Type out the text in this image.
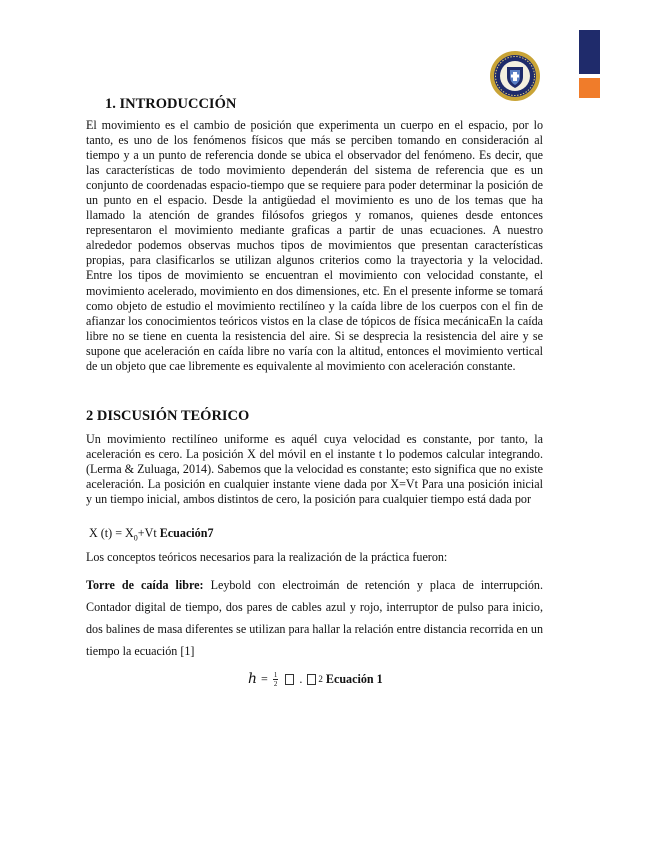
1. INTRODUCCIÓN

El movimiento es el cambio de posición que experimenta un cuerpo en el espacio, por lo tanto, es uno de los fenómenos físicos que más se perciben tomando en consideración al tiempo y a un punto de referencia donde se ubica el observador del fenómeno. Es decir, que las características de todo movimiento dependerán del sistema de referencia que es un conjunto de coordenadas espacio-tiempo que se requiere para poder determinar la posición de un punto en el espacio. Desde la antigüedad el movimiento es uno de los temas que ha llamado la atención de grandes filósofos griegos y romanos, quienes desde entonces representaron el movimiento mediante graficas a partir de unas ecuaciones. A nuestro alrededor podemos observas muchos tipos de movimientos que presentan características propias, para clasificarlos se utilizan algunos criterios como la trayectoria y la velocidad. Entre los tipos de movimiento se encuentran el movimiento con velocidad constante, el movimiento acelerado, movimiento en dos dimensiones, etc. En el presente informe se tomará como objeto de estudio el movimiento rectilíneo y la caída libre de los cuerpos con el fin de afianzar los conocimientos teóricos vistos en la clase de tópicos de física mecánicaEn la caída libre no se tiene en cuenta la resistencia del aire. Si se desprecia la resistencia del aire y se supone que aceleración en caída libre no varía con la altitud, entonces el movimiento vertical de un objeto que cae libremente es equivalente al movimiento con aceleración constante.

2 DISCUSIÓN TEÓRICO

Un movimiento rectilíneo uniforme es aquél cuya velocidad es constante, por tanto, la aceleración es cero. La posición X del móvil en el instante t lo podemos calcular integrando. (Lerma & Zuluaga, 2014). Sabemos que la velocidad es constante; esto significa que no existe aceleración. La posición en cualquier instante viene dada por X=Vt Para una posición inicial y un tiempo inicial, ambos distintos de cero, la posición para cualquier tiempo está dada por

X $(t) = X_0+Vt$ Ecuación7

Los conceptos teóricos necesarios para la realización de la práctica fueron:

Torre de caída libre: Leybold con electroimán de retención y placa de interrupción. Contador digital de tiempo, dos pares de cables azul y rojo, interruptor de pulso para inicio, dos balines de masa diferentes se utilizan para hallar la relación entre distancia recorrida en un tiempo la ecuación [1]

ℎ = $\frac{1}{2}$ . 2 Ecuación 1
